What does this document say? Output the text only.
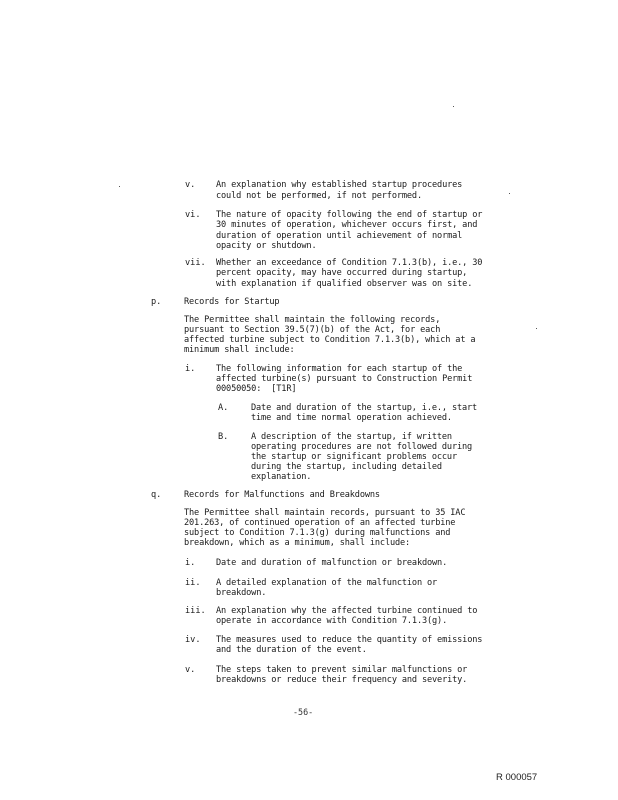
v. An explanation why established startup procedures
could not be performed, if not performed.
vi. The nature of opacity following the end of startup or
30 minutes of operation, whichever occurs first, and
duration of operation until achievement of normal
opacity or shutdown.
vii. Whether an exceedance of Condition 7.1.3(b), i.e., 30
percent opacity, may have occurred during startup,
with explanation if qualified observer was on site.
p.	Records for Startup
The Permittee shall maintain the following records,
pursuant to Section 39.5(7)(b) of the Act, for each
affected turbine subject to Condition 7.1.3(b), which at a
minimum shall include:
i. The following information for each startup of the
affected turbine(s) pursuant to Construction Permit
00050050:  [T1R]
A.	Date and duration of the startup, i.e., start
time and time normal operation achieved.
B.	A description of the startup, if written
operating procedures are not followed during
the startup or significant problems occur
during the startup, including detailed
explanation.
q.	Records for Malfunctions and Breakdowns
The Permittee shall maintain records, pursuant to 35 IAC
201.263, of continued operation of an affected turbine
subject to Condition 7.1.3(g) during malfunctions and
breakdown, which as a minimum, shall include:
i. Date and duration of malfunction or breakdown.
ii. A detailed explanation of the malfunction or
breakdown.
iii. An explanation why the affected turbine continued to
operate in accordance with Condition 7.1.3(g).
iv. The measures used to reduce the quantity of emissions
and the duration of the event.
v. The steps taken to prevent similar malfunctions or
breakdowns or reduce their frequency and severity.
-56-
R 000057
